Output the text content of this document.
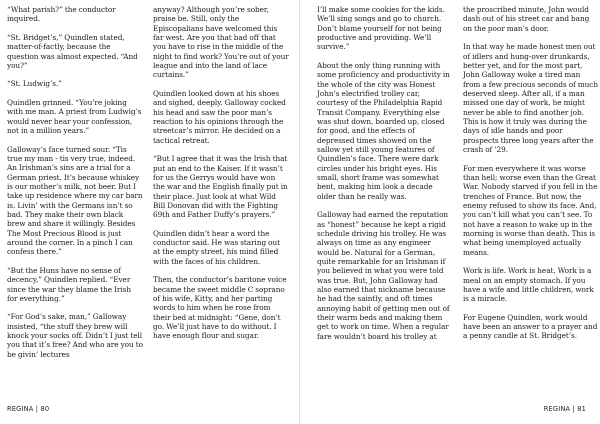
“What parish?” the conductor inquired.

“St. Bridget’s,” Quindlen stated, matter-of-factly, because the question was almost expected. “And you?”

“St. Ludwig’s.”

Quindlen grinned. “You’re joking with me man. A priest from Ludwig’s would never hear your confession, not in a million years.”

Galloway’s face turned sour. “Tis true my man - tis very true, indeed. An Irishman’s sins are a trial for a German priest. It’s because whiskey is our mother’s milk, not beer. But I take up residence where my car barn is. Livin’ with the Germans isn’t so bad. They make their own black brew and share it willingly. Besides The Most Precious Blood is just around the corner. In a pinch I can confess there.”

“But the Huns have no sense of decency,” Quindlen replied. “Ever since the war they blame the Irish for everything.”

“For God’s sake, man,” Galloway insisted, “the stuff they brew will knock your socks off. Didn’t I just tell you that it’s free? And who are you to be givin’ lectures

anyway? Although you’re sober, praise be. Still, only the Episcopalians have welcomed this far west. Are you that bad off that you have to rise in the middle of the night to find work? You’re out of your league and into the land of lace curtains.”

Quindlen looked down at his shoes and sighed, deeply. Galloway cocked his head and saw the poor man’s reaction to his opinions through the streetcar’s mirror. He decided on a tactical retreat.

“But I agree that it was the Irish that put an end to the Kaiser. If it wasn’t for us the Gerrys would have won the war and the English finally put in their place. Just look at what Wild Bill Donovan did with the Fighting 69th and Father Duffy’s prayers.”

Quindlen didn’t hear a word the conductor said. He was staring out at the empty street, his mind filled with the faces of his children.

Then, the conductor’s baritone voice became the sweet middle C soprano of his wife, Kitty, and her parting words to him when he rose from their bed at midnight: “Gene, don’t go. We’ll just have to do without. I have enough flour and sugar.

REGINA | 80

I’ll make some cookies for the kids. We’ll sing songs and go to church. Don’t blame yourself for not being productive and providing. We’ll survive.”

About the only thing running with some proficiency and productivity in the whole of the city was Honest John’s electrified trolley car, courtesy of the Philadelphia Rapid Transit Company. Everything else was shut down, boarded up, closed for good, and the effects of depressed times showed on the sallow yet still young features of Quindlen’s face. There were dark circles under his bright eyes. His small, short frame was somewhat bent, making him look a decade older than he really was.

Galloway had earned the reputation as “honest” because he kept a rigid schedule driving his trolley. He was always on time as any engineer would be. Natural for a German, quite remarkable for an Irishman if you believed in what you were told was true. But, John Galloway had also earned that nickname because he had the saintly, and oft times annoying habit of getting men out of their warm beds and making them get to work on time. When a regular fare wouldn’t board his trolley at

the proscribed minute, John would dash out of his street car and bang on the poor man’s door.

In that way he made honest men out of idlers and hung-over drunkards, better yet, and for the most part, John Galloway woke a tired man from a few precious seconds of much deserved sleep. After all, if a man missed one day of work, he might never be able to find another job. This is how it truly was during the days of idle hands and poor prospects three long years after the crash of ’29.

For men everywhere it was worse than hell; worse even than the Great War. Nobody starved if you fell in the trenches of France. But now, the enemy refused to show its face. And, you can’t kill what you can’t see. To not have a reason to wake up in the morning is worse than death. This is what being unemployed actually means.

Work is life. Work is heat. Work is a meal on an empty stomach. If you have a wife and little children, work is a miracle.

For Eugene Quindlen, work would have been an answer to a prayer and a penny candle at St. Bridget’s.

REGINA | 81
